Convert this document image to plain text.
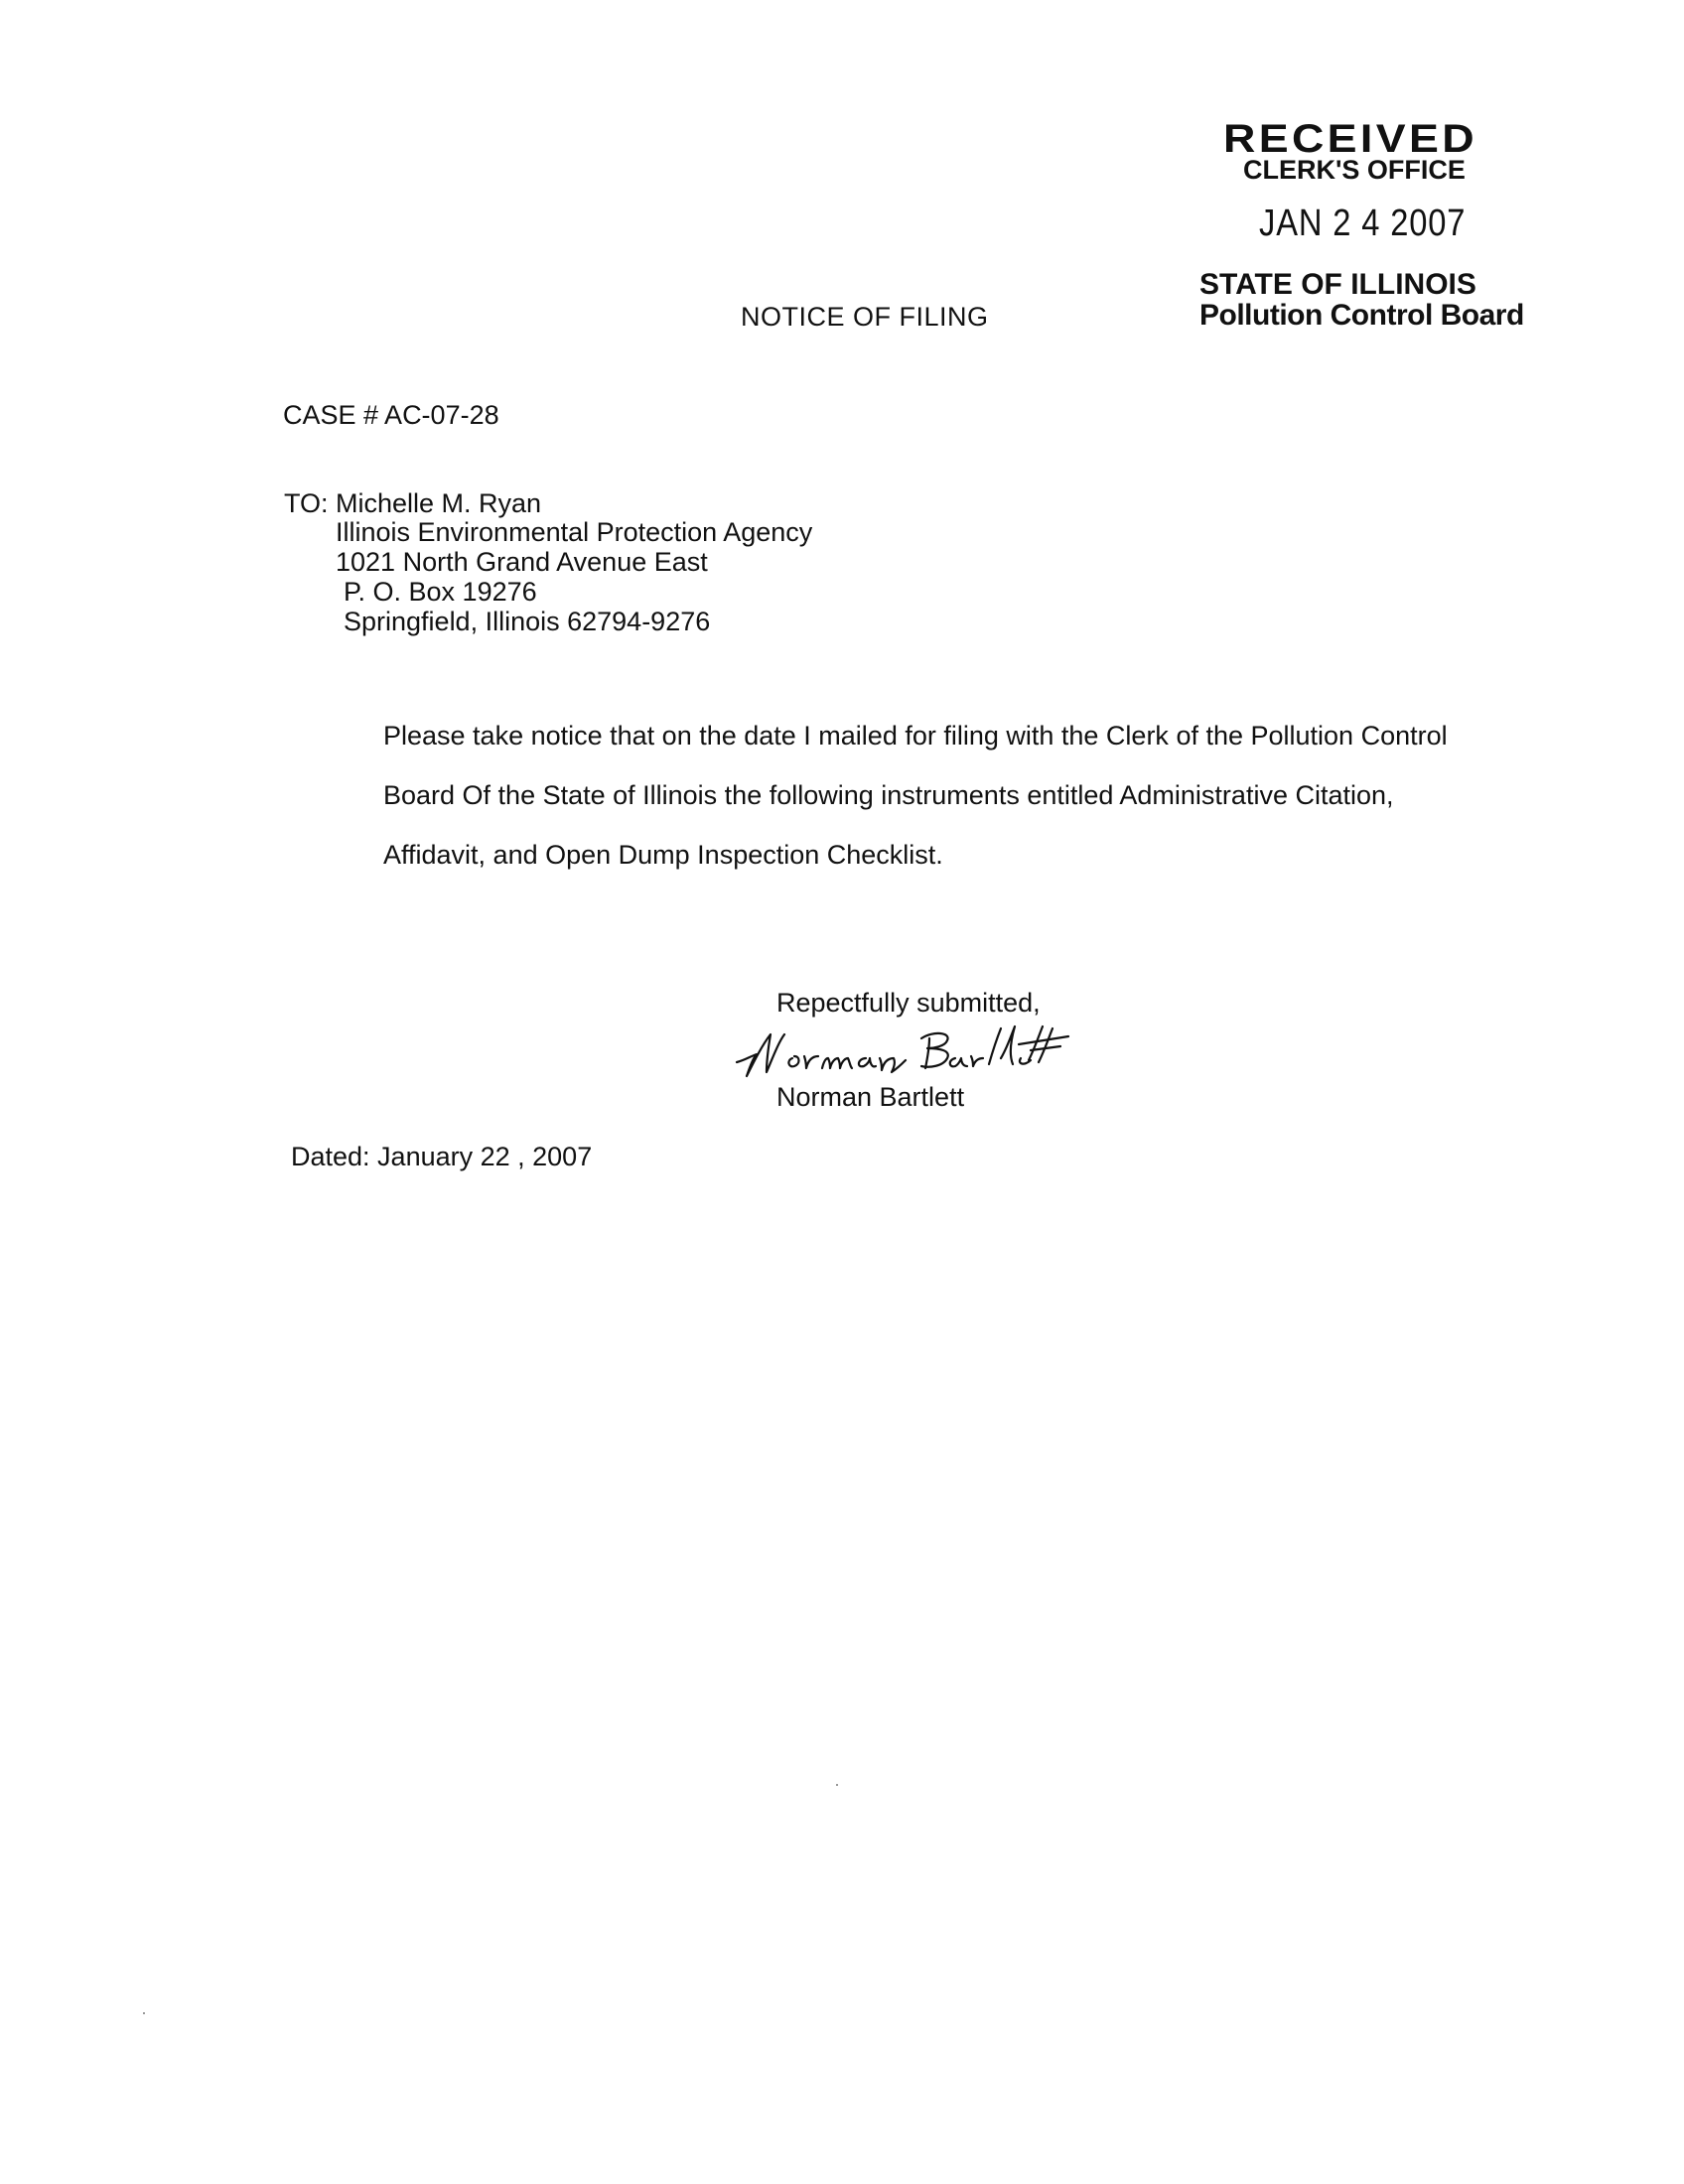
RECEIVED
CLERK'S OFFICE
JAN 2 4 2007
STATE OF ILLINOIS
Pollution Control Board
NOTICE OF FILING
CASE # AC-07-28
TO: Michelle M. Ryan
Illinois Environmental Protection Agency
1021 North Grand Avenue East
P. O. Box 19276
Springfield, Illinois 62794-9276
Please take notice that on the date I mailed for filing with the Clerk of the Pollution Control
Board Of the State of Illinois the following instruments entitled Administrative Citation,
Affidavit, and Open Dump Inspection Checklist.
Repectfully submitted,
Norman Bartlett
Dated: January 22 , 2007
